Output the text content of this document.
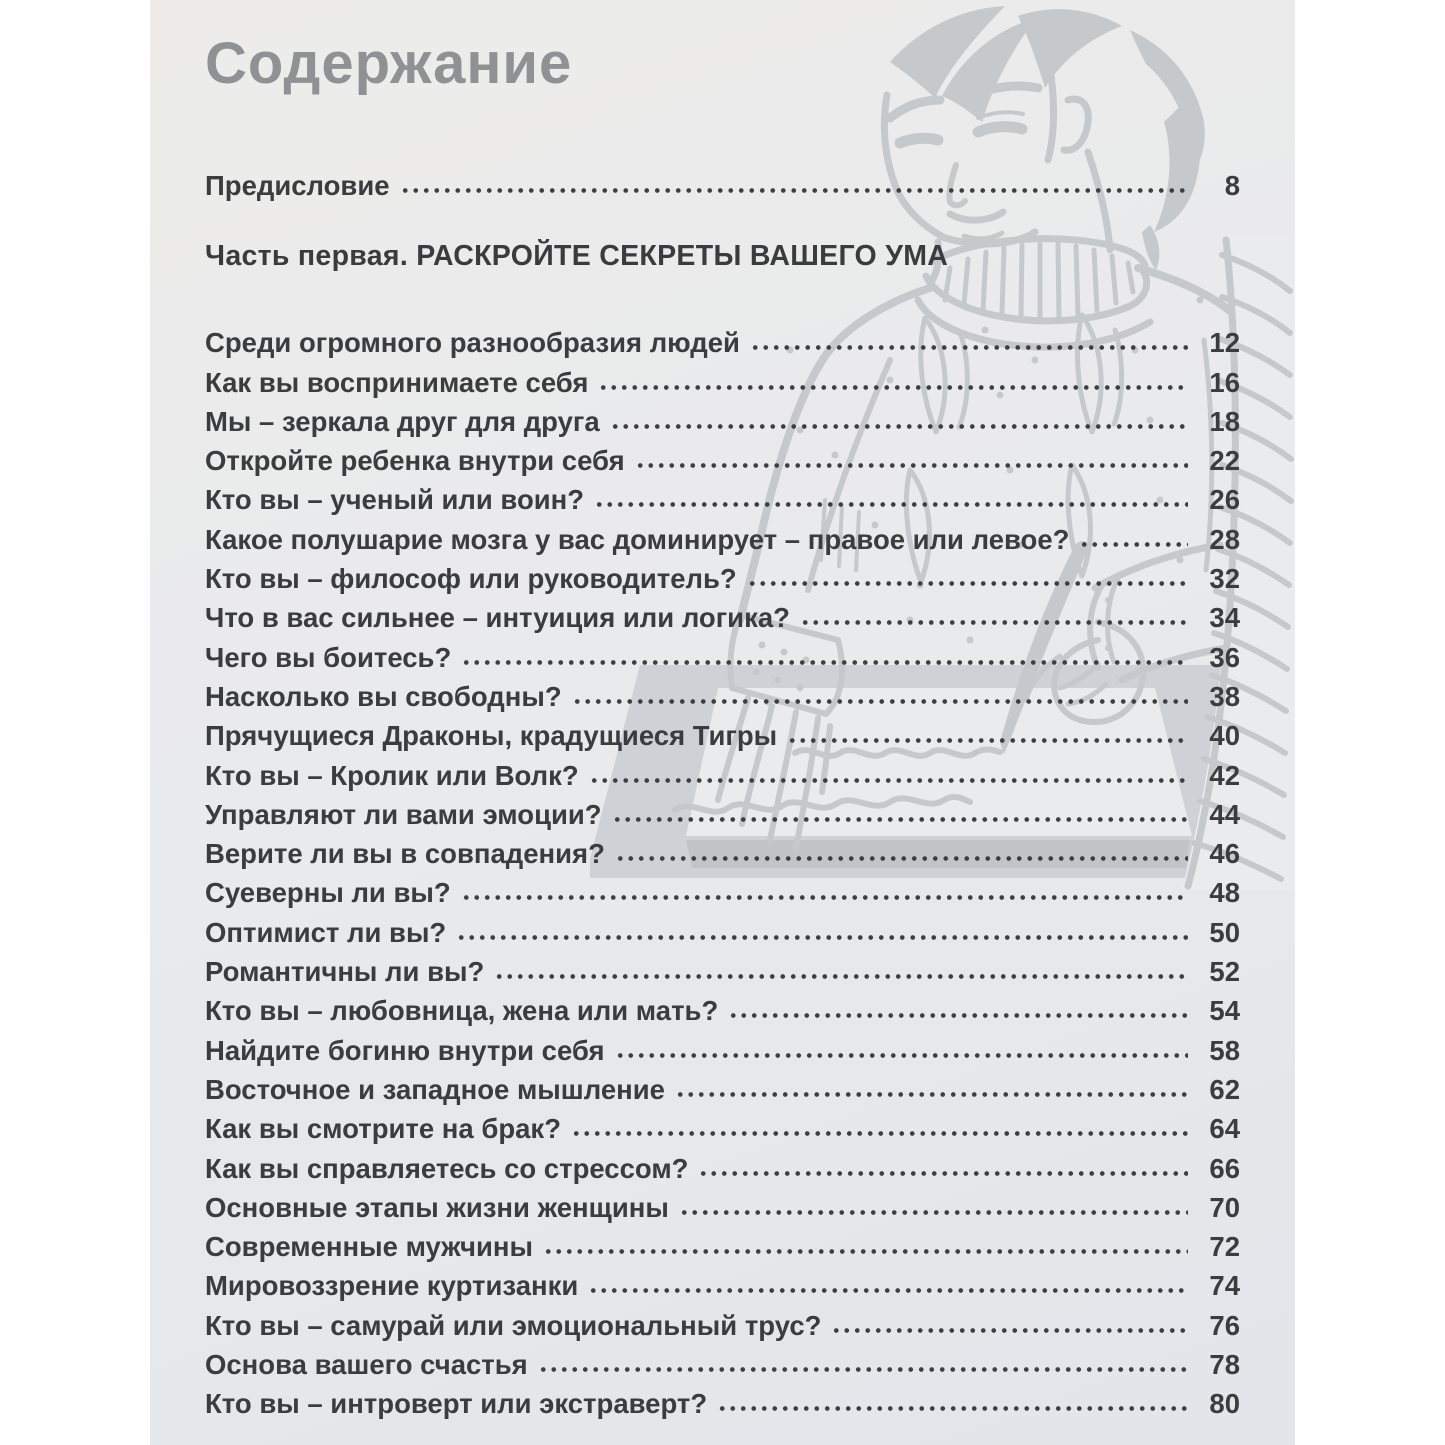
Содержание
Предисловие	8
Часть первая. РАСКРОЙТЕ СЕКРЕТЫ ВАШЕГО УМА
Среди огромного разнообразия людей	12
Как вы воспринимаете себя	16
Мы – зеркала друг для друга	18
Откройте ребенка внутри себя	22
Кто вы – ученый или воин?	26
Какое полушарие мозга у вас доминирует – правое или левое?	28
Кто вы – философ или руководитель?	32
Что в вас сильнее – интуиция или логика?	34
Чего вы боитесь?	36
Насколько вы свободны?	38
Прячущиеся Драконы, крадущиеся Тигры	40
Кто вы – Кролик или Волк?	42
Управляют ли вами эмоции?	44
Верите ли вы в совпадения?	46
Суеверны ли вы?	48
Оптимист ли вы?	50
Романтичны ли вы?	52
Кто вы – любовница, жена или мать?	54
Найдите богиню внутри себя	58
Восточное и западное мышление	62
Как вы смотрите на брак?	64
Как вы справляетесь со стрессом?	66
Основные этапы жизни женщины	70
Современные мужчины	72
Мировоззрение куртизанки	74
Кто вы – самурай или эмоциональный трус?	76
Основа вашего счастья	78
Кто вы – интроверт или экстраверт?	80
